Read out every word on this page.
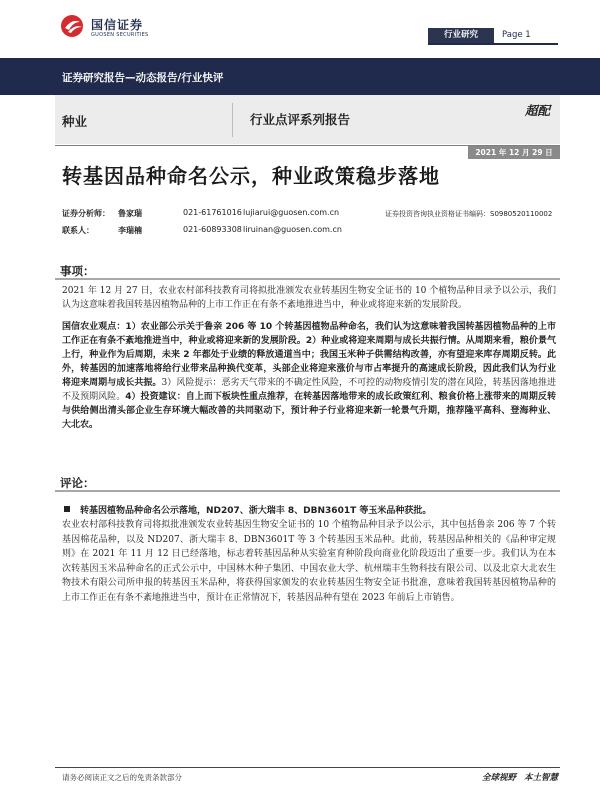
国信证券
GUOSEN SECURITIES	行业研究	Page 1
证券研究报告—动态报告/行业快评
种业	行业点评系列报告
超配
2021 年 12 月 29 日
转基因品种命名公示，种业政策稳步落地
证券分析师： 鲁家瑞	021-61761016 lujiarui@guosen.com.cn	证券投资咨询执业资格证书编码：S0980520110002
联系人：	李瑞楠	021-60893308 liruinan@guosen.com.cn
事项：

2021 年 12 月 27 日，农业农村部科技教育司将拟批准颁发农业转基因生物安全证书的 10 个植物品种目录予以公示，我们认为这意味着我国转基因植物品种的上市工作正在有条不紊地推进当中，种业或将迎来新的发展阶段。

国信农业观点：1）农业部公示关于鲁亲 206 等 10 个转基因植物品种命名，我们认为这意味着我国转基因植物品种的上市工作正在有条不紊地推进当中，种业或将迎来新的发展阶段。2）种业或将迎来周期与成长共振行情。从周期来看，粮价景气上行，种业作为后周期，未来 2 年都处于业绩的释放通道当中；我国玉米种子供需结构改善，亦有望迎来库存周期反转。此外，转基因的加速落地将给行业带来品种换代变革，头部企业将迎来涨价与市占率提升的高速成长阶段，因此我们认为行业将迎来周期与成长共振。3）风险提示：恶劣天气带来的不确定性风险，不可控的动物疫情引发的潜在风险，转基因落地推进不及预期风险。4）投资建议：自上而下板块性重点推荐，在转基因落地带来的成长政策红利、粮食价格上涨带来的周期反转与供给侧出清头部企业生存环境大幅改善的共同驱动下，预计种子行业将迎来新一轮景气升期，推荐隆平高科、登海种业、大北农。

评论：
转基因植物品种命名公示落地，ND207、浙大瑞丰 8、DBN3601T 等玉米品种获批。

农业农村部科技教育司将拟批准颁发农业转基因生物安全证书的 10 个植物品种目录予以公示，其中包括鲁亲 206 等 7 个转基因棉花品种，以及 ND207、浙大瑞丰 8、DBN3601T 等 3 个转基因玉米品种。此前，转基因品种相关的《品种审定规则》在 2021 年 11 月 12 日已经落地，标志着转基因品种从实验室育种阶段向商业化阶段迈出了重要一步。我们认为在本次转基因玉米品种命名的正式公示中，中国林木种子集团、中国农业大学、杭州瑞丰生物科技有限公司、以及北京大北农生物技术有限公司所申报的转基因玉米品种，将获得国家颁发的农业转基因生物安全证书批准，意味着我国转基因植物品种的上市工作正在有条不紊地推进当中，预计在正常情况下，转基因品种有望在 2023 年前后上市销售。

请务必阅读正文之后的免责条款部分	全球视野 本土智慧
